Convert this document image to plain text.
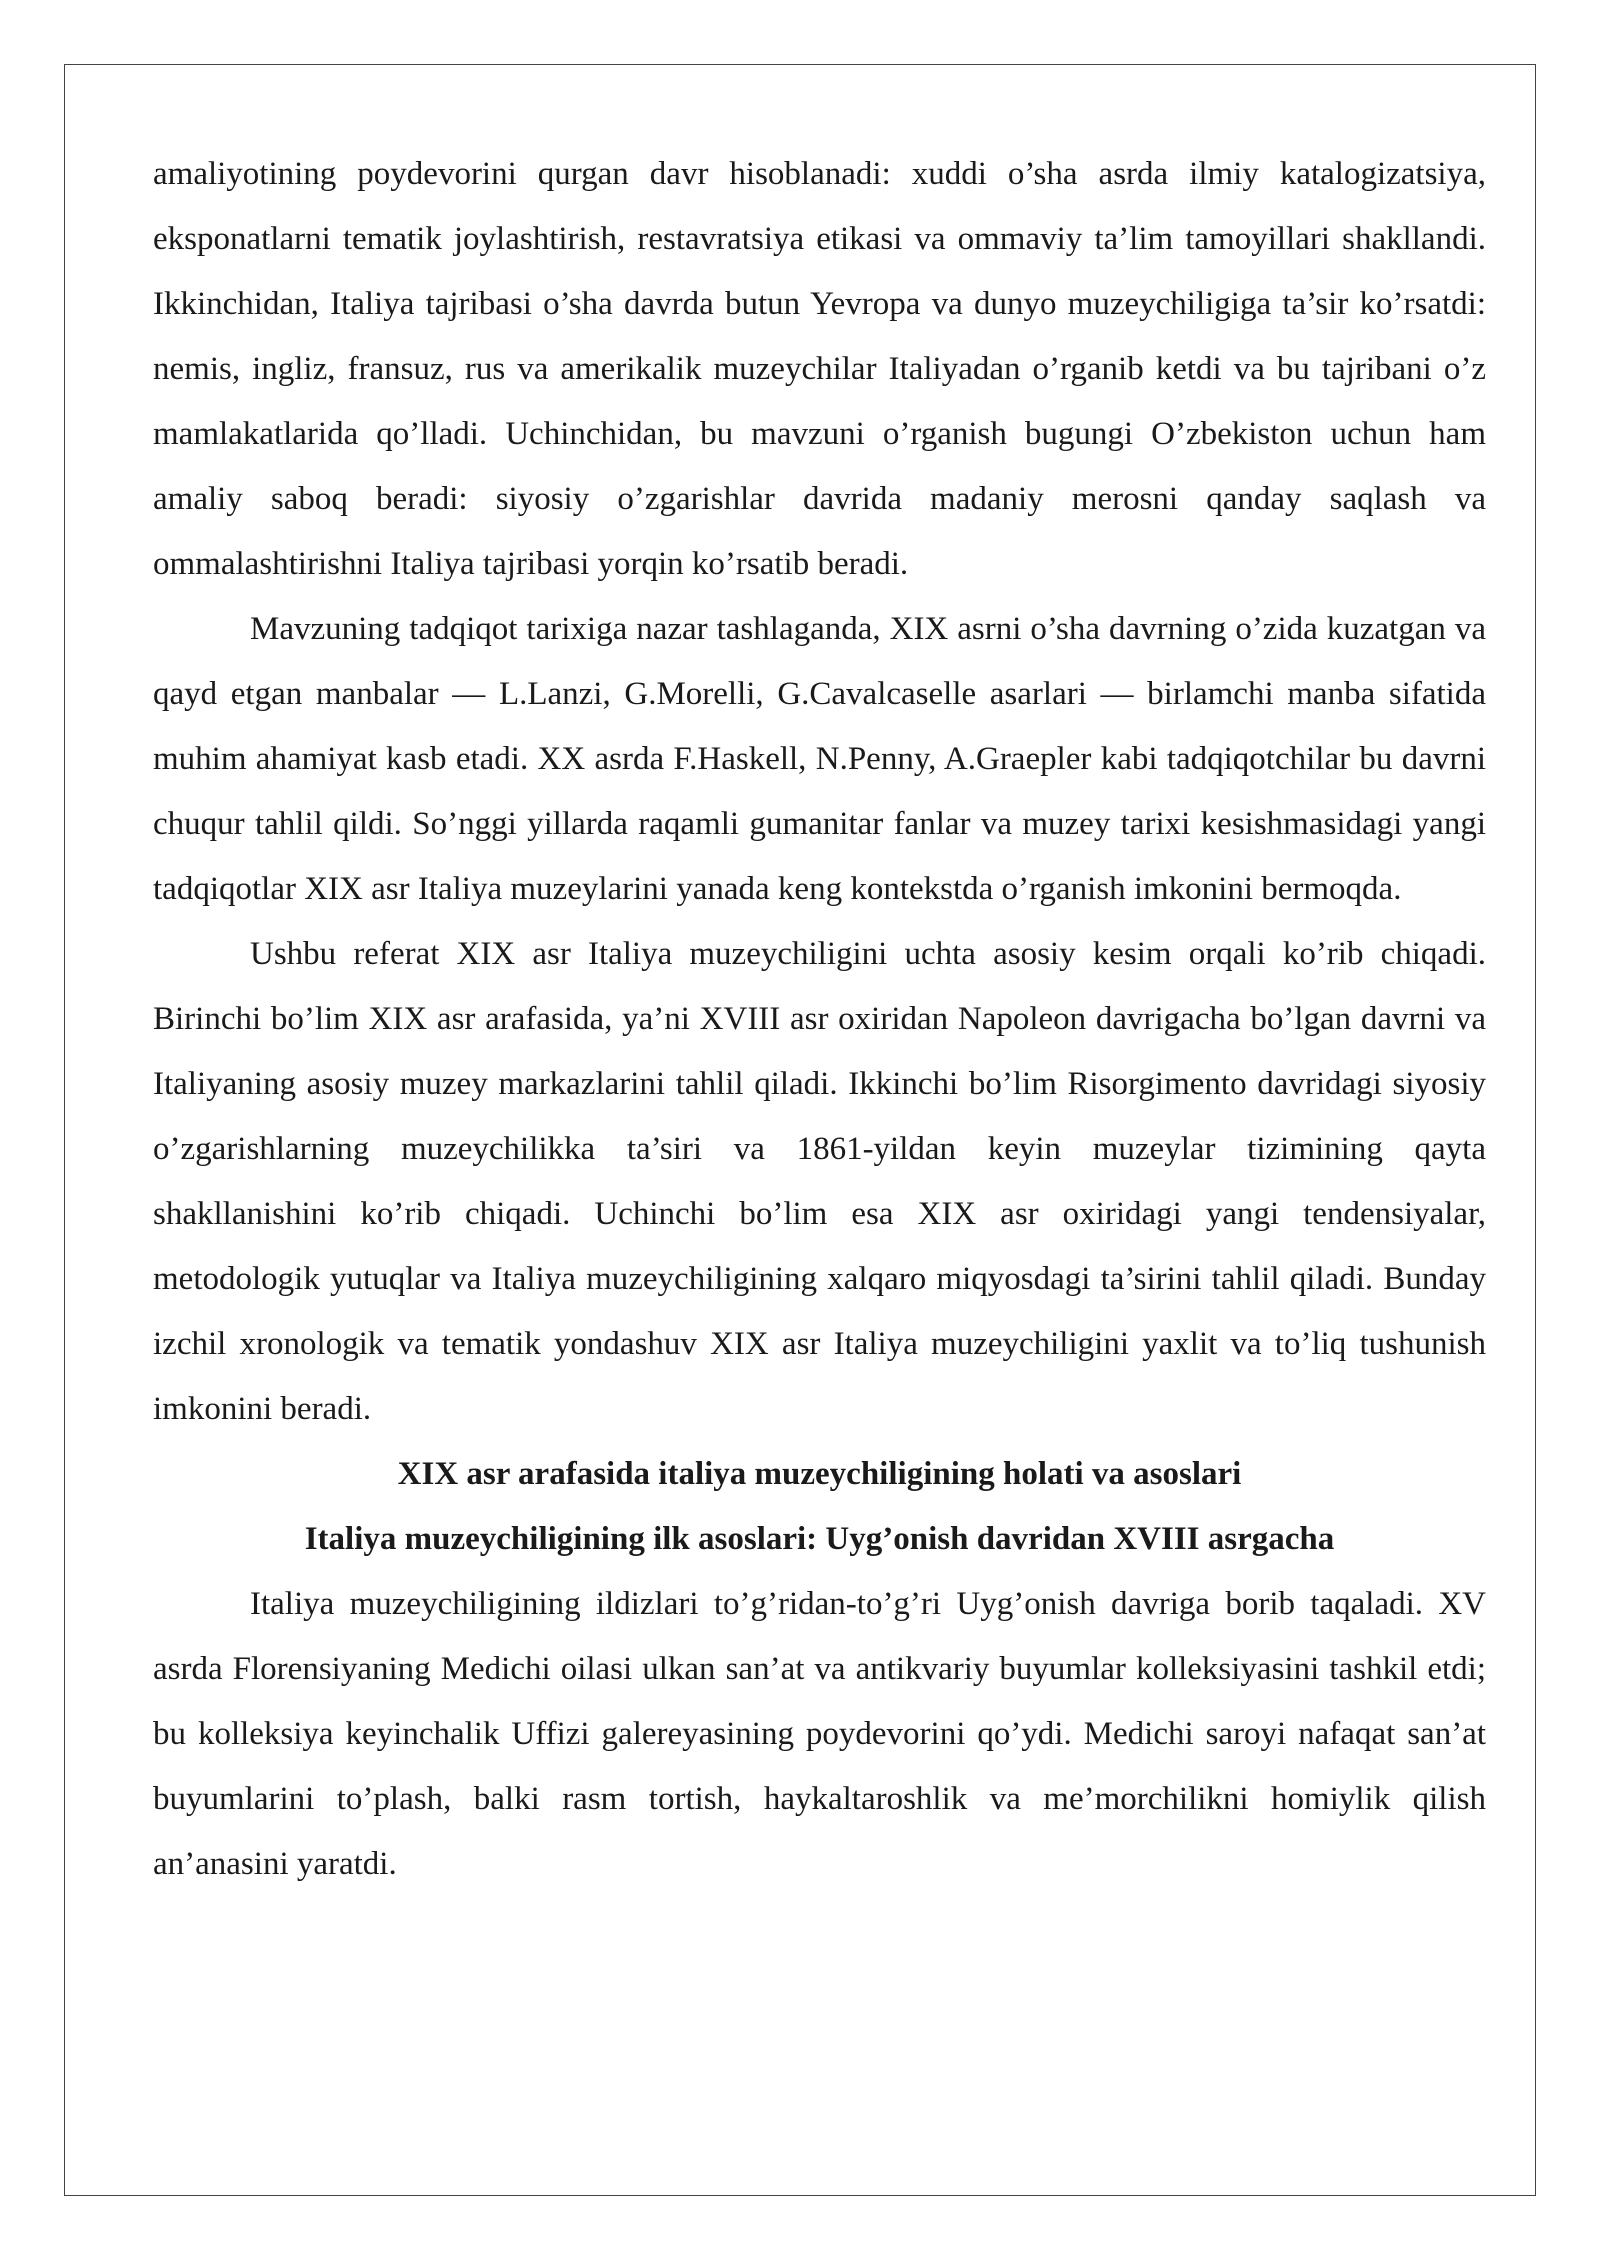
amaliyotining poydevorini qurgan davr hisoblanadi: xuddi o’sha asrda ilmiy katalogizatsiya, eksponatlarni tematik joylashtirish, restavratsiya etikasi va ommaviy ta’lim tamoyillari shakllandi. Ikkinchidan, Italiya tajribasi o’sha davrda butun Yevropa va dunyo muzeychiligiga ta’sir ko’rsatdi: nemis, ingliz, fransuz, rus va amerikalik muzeychilar Italiyadan o’rganib ketdi va bu tajribani o’z mamlakatlarida qo’lladi. Uchinchidan, bu mavzuni o’rganish bugungi O’zbekiston uchun ham amaliy saboq beradi: siyosiy o’zgarishlar davrida madaniy merosni qanday saqlash va ommalashtirishni Italiya tajribasi yorqin ko’rsatib beradi.

Mavzuning tadqiqot tarixiga nazar tashlaganda, XIX asrni o’sha davrning o’zida kuzatgan va qayd etgan manbalar — L.Lanzi, G.Morelli, G.Cavalcaselle asarlari — birlamchi manba sifatida muhim ahamiyat kasb etadi. XX asrda F.Haskell, N.Penny, A.Graepler kabi tadqiqotchilar bu davrni chuqur tahlil qildi. So’nggi yillarda raqamli gumanitar fanlar va muzey tarixi kesishmasidagi yangi tadqiqotlar XIX asr Italiya muzeylarini yanada keng kontekstda o’rganish imkonini bermoqda.

Ushbu referat XIX asr Italiya muzeychiligini uchta asosiy kesim orqali ko’rib chiqadi. Birinchi bo’lim XIX asr arafasida, ya’ni XVIII asr oxiridan Napoleon davrigacha bo’lgan davrni va Italiyaning asosiy muzey markazlarini tahlil qiladi. Ikkinchi bo’lim Risorgimento davridagi siyosiy o’zgarishlarning muzeychilikka ta’siri va 1861-yildan keyin muzeylar tizimining qayta shakllanishini ko’rib chiqadi. Uchinchi bo’lim esa XIX asr oxiridagi yangi tendensiyalar, metodologik yutuqlar va Italiya muzeychiligining xalqaro miqyosdagi ta’sirini tahlil qiladi. Bunday izchil xronologik va tematik yondashuv XIX asr Italiya muzeychiligini yaxlit va to’liq tushunish imkonini beradi.

XIX asr arafasida italiya muzeychiligining holati va asoslari
Italiya muzeychiligining ilk asoslari: Uyg’onish davridan XVIII asrgacha

Italiya muzeychiligining ildizlari to’g’ridan-to’g’ri Uyg’onish davriga borib taqaladi. XV asrda Florensiyaning Medichi oilasi ulkan san’at va antikvariy buyumlar kolleksiyasini tashkil etdi; bu kolleksiya keyinchalik Uffizi galereyasining poydevorini qo’ydi. Medichi saroyi nafaqat san’at buyumlarini to’plash, balki rasm tortish, haykaltaroshlik va me’morchilikni homiylik qilish an’anasini yaratdi.
